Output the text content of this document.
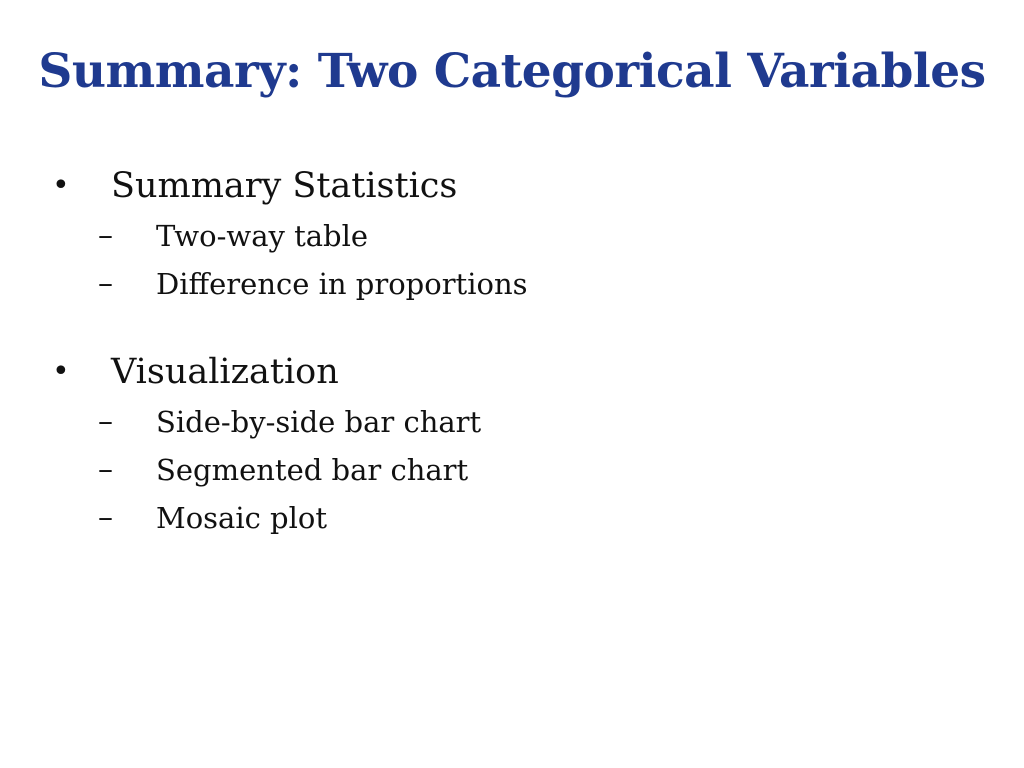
Summary: Two Categorical Variables
• Summary Statistics
– Two-way table
– Difference in proportions
• Visualization
– Side-by-side bar chart
– Segmented bar chart
– Mosaic plot
